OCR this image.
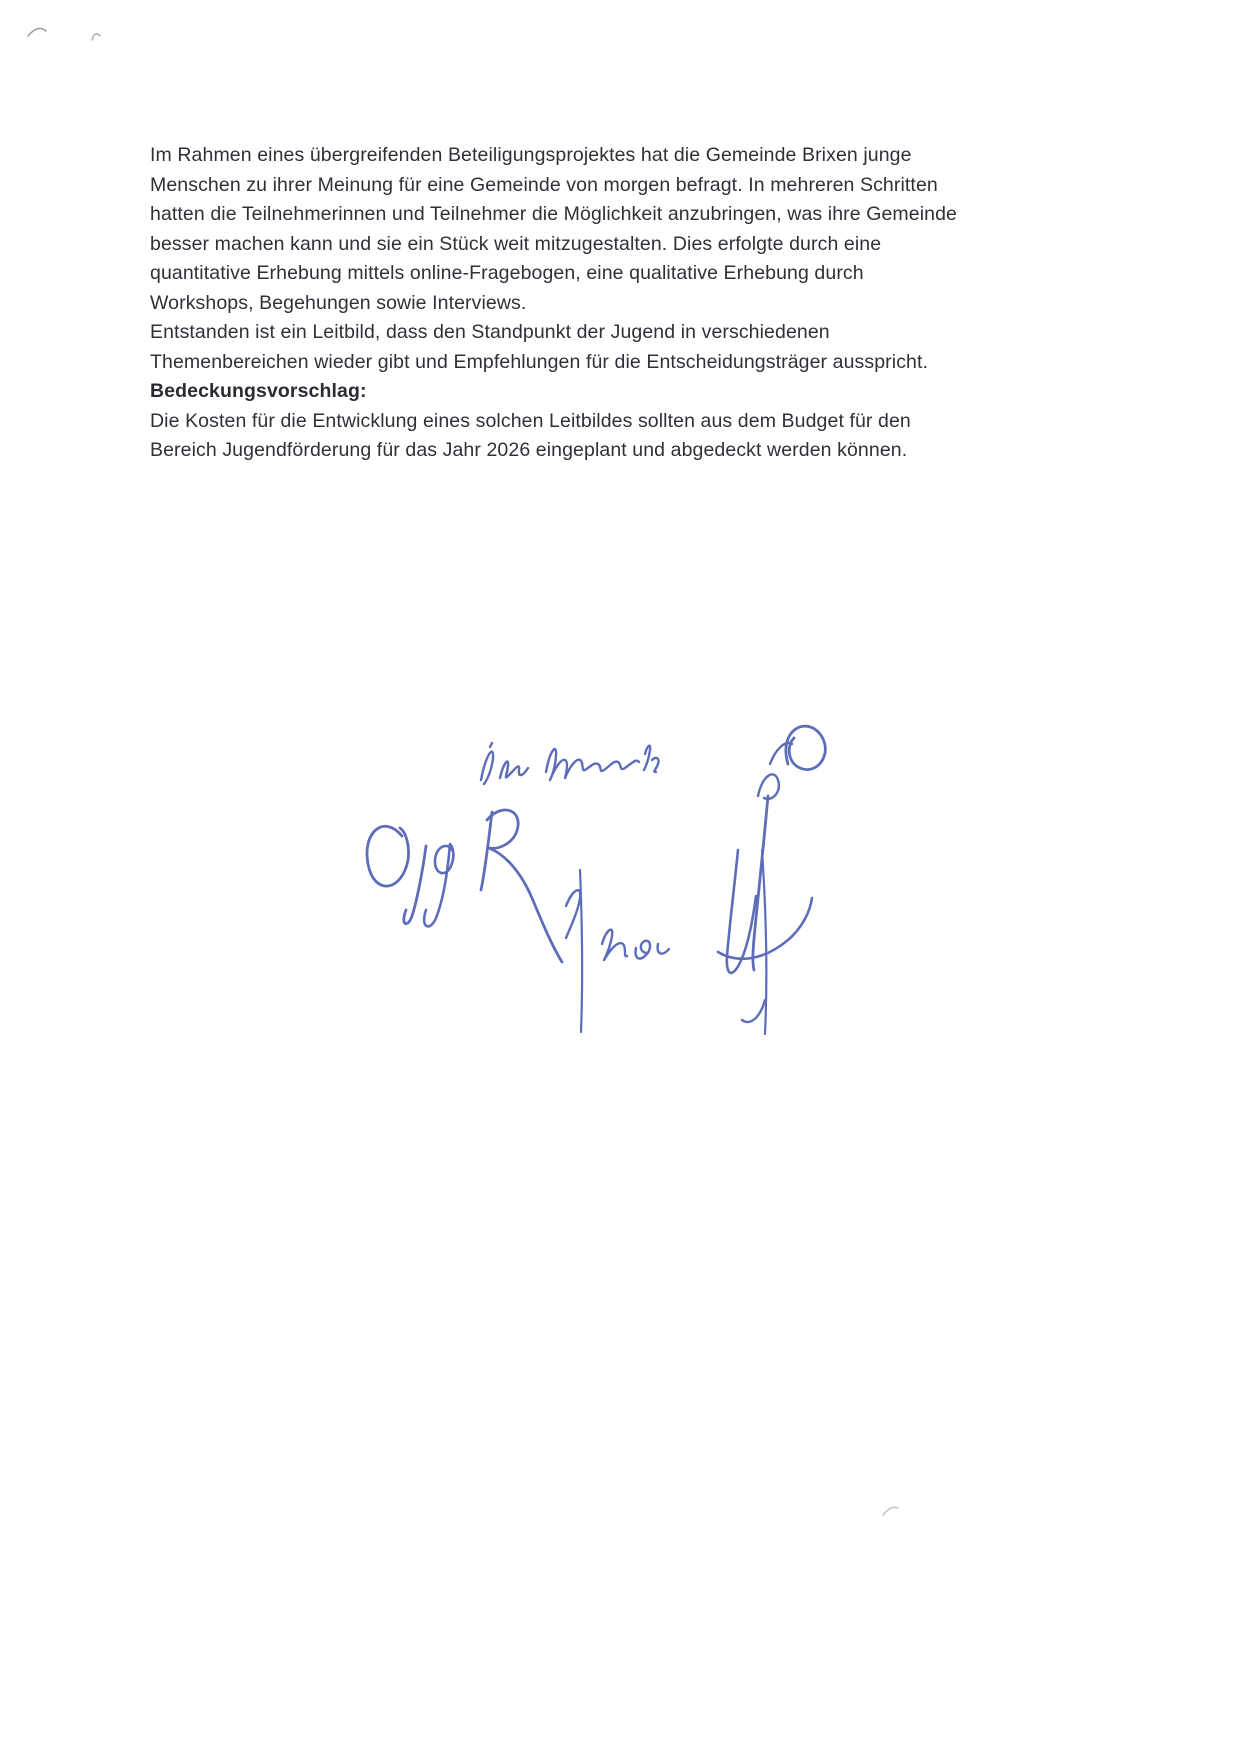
Im Rahmen eines übergreifenden Beteiligungsprojektes hat die Gemeinde Brixen junge Menschen zu ihrer Meinung für eine Gemeinde von morgen befragt. In mehreren Schritten hatten die Teilnehmerinnen und Teilnehmer die Möglichkeit anzubringen, was ihre Gemeinde besser machen kann und sie ein Stück weit mitzugestalten. Dies erfolgte durch eine quantitative Erhebung mittels online-Fragebogen, eine qualitative Erhebung durch Workshops, Begehungen sowie Interviews.

Entstanden ist ein Leitbild, dass den Standpunkt der Jugend in verschiedenen Themenbereichen wieder gibt und Empfehlungen für die Entscheidungsträger ausspricht.

Bedeckungsvorschlag:

Die Kosten für die Entwicklung eines solchen Leitbildes sollten aus dem Budget für den Bereich Jugendförderung für das Jahr 2026 eingeplant und abgedeckt werden können.
